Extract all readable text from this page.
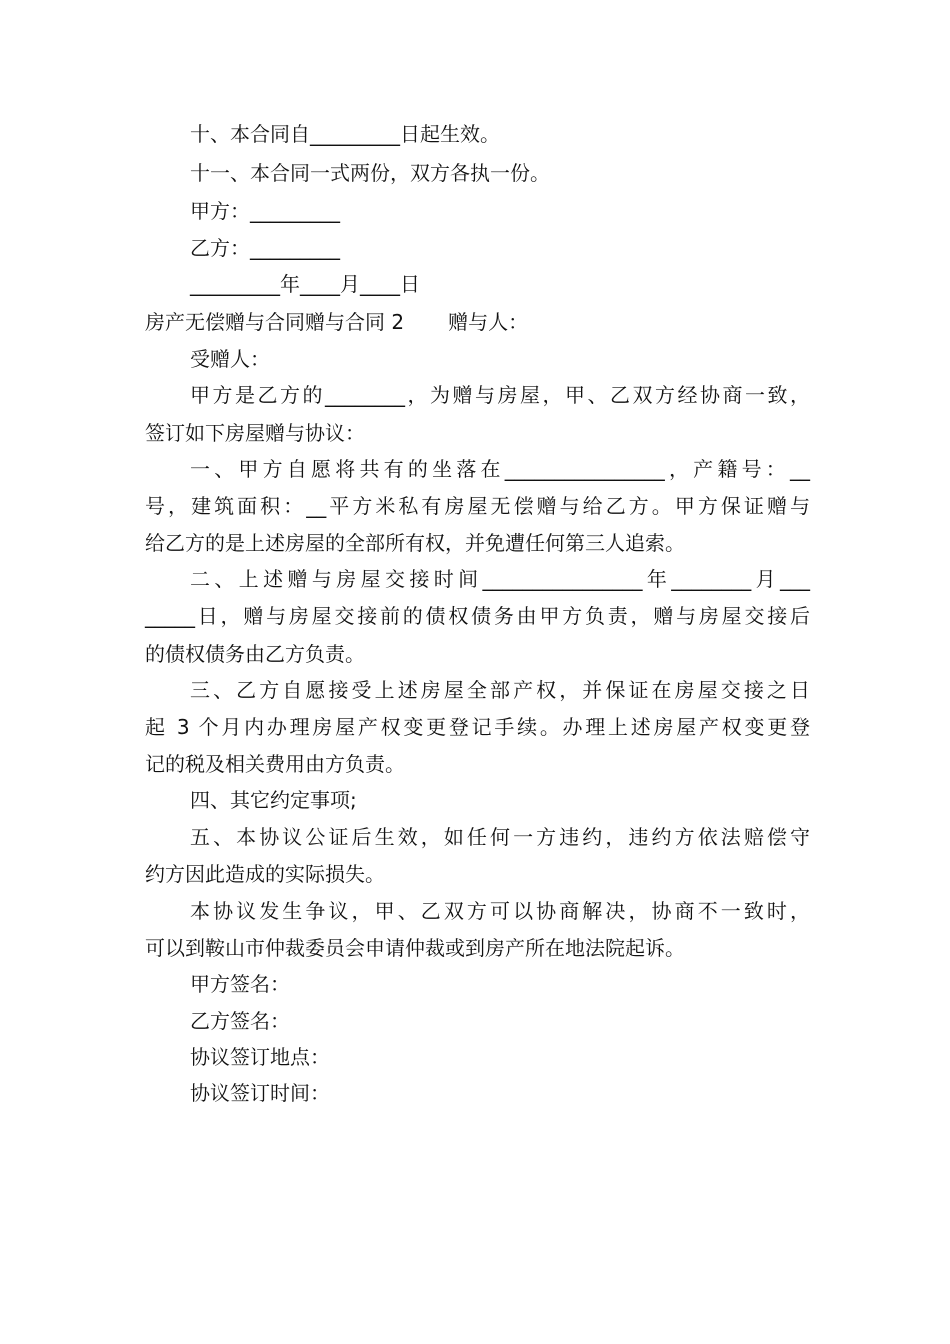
十、本合同自_________日起生效。
十一、本合同一式两份，双方各执一份。
甲方：_________
乙方：_________
_________年____月____日
房产无偿赠与合同赠与合同 2 赠与人：
受赠人：
甲方是乙方的________，为赠与房屋，甲、乙双方经协商一致，
签订如下房屋赠与协议：
一、甲方自愿将共有的坐落在________________，产籍号：__
号，建筑面积：__平方米私有房屋无偿赠与给乙方。甲方保证赠与
给乙方的是上述房屋的全部所有权，并免遭任何第三人追索。
二、上述赠与房屋交接时间________________年________月___
_____日，赠与房屋交接前的债权债务由甲方负责，赠与房屋交接后
的债权债务由乙方负责。
三、乙方自愿接受上述房屋全部产权，并保证在房屋交接之日
起 3 个月内办理房屋产权变更登记手续。办理上述房屋产权变更登
记的税及相关费用由方负责。
四、其它约定事项;
五、本协议公证后生效，如任何一方违约，违约方依法赔偿守
约方因此造成的实际损失。
本协议发生争议，甲、乙双方可以协商解决，协商不一致时，
可以到鞍山市仲裁委员会申请仲裁或到房产所在地法院起诉。
甲方签名：
乙方签名：
协议签订地点：
协议签订时间：
